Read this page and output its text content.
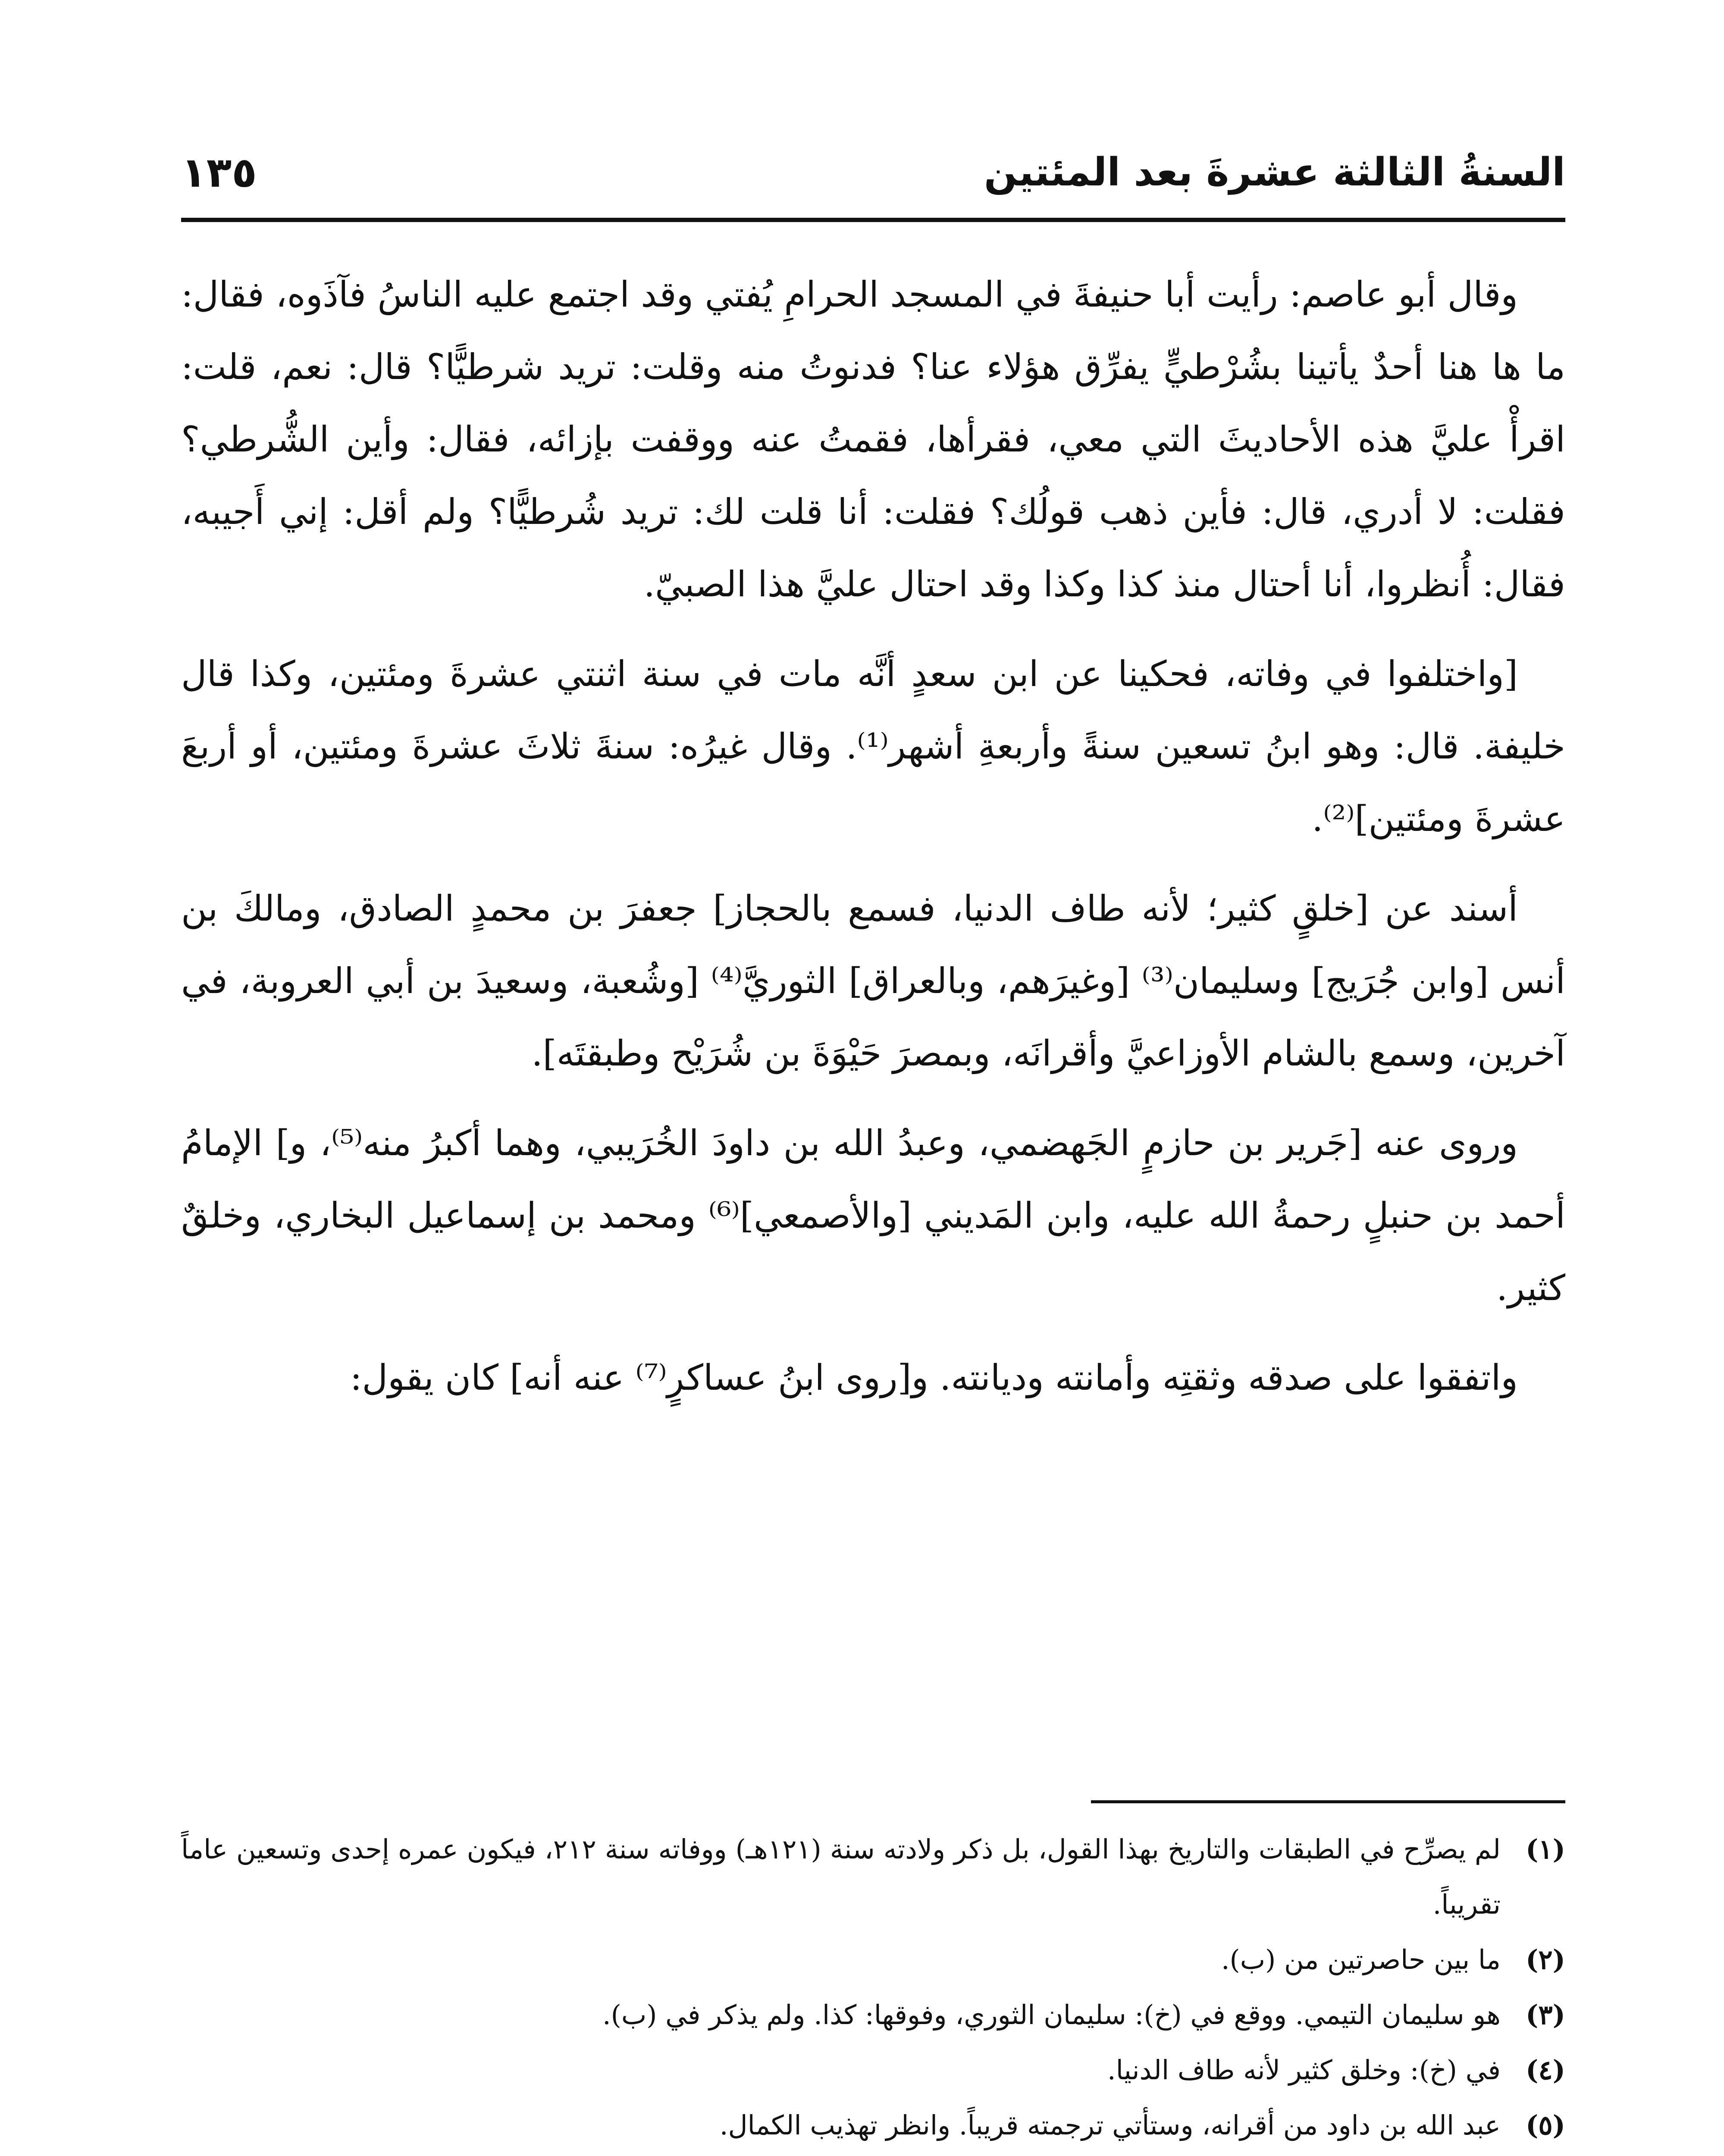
السنةُ الثالثة عشرةَ بعد المئتين
١٣٥

وقال أبو عاصم: رأيت أبا حنيفةَ في المسجد الحرامِ يُفتي وقد اجتمع عليه الناسُ فآذَوه، فقال: ما ها هنا أحدٌ يأتينا بشُرْطيٍّ يفرِّق هؤلاء عنا؟ فدنوتُ منه وقلت: تريد شرطيًّا؟ قال: نعم، قلت: اقرأْ عليَّ هذه الأحاديثَ التي معي، فقرأها، فقمتُ عنه ووقفت بإزائه، فقال: وأين الشُّرطي؟فقلت: لا أدري، قال: فأين ذهب قولُك؟ فقلت: أنا قلت لك: تريد شُرطيًّا؟ ولم أقل: إني أَجيبه، فقال: أُنظروا، أنا أحتال منذ كذا وكذا وقد احتال عليَّ هذا الصبيّ.

[واختلفوا في وفاته، فحكينا عن ابن سعدٍ أنَّه مات في سنة اثنتي عشرةَ ومئتين، وكذا قال خليفة. قال: وهو ابنُ تسعين سنةً وأربعةِ أشهر⁽¹⁾. وقال غيرُه: سنةَ ثلاثَ عشرةَ ومئتين، أو أربعَ عشرةَ ومئتين]⁽²⁾.

أسند عن [خلقٍ كثير؛ لأنه طاف الدنيا، فسمع بالحجاز] جعفرَ بن محمدٍ الصادق، ومالكَ بن أنس [وابن جُرَيج] وسليمان⁽³⁾ [وغيرَهم، وبالعراق] الثوريَّ⁽⁴⁾ [وشُعبة، وسعيدَ بن أبي العروبة، في آخرين، وسمع بالشام الأوزاعيَّ وأقرانَه، وبمصرَ حَيْوَةَ بن شُرَيْح وطبقتَه].

وروى عنه [جَرير بن حازمٍ الجَهضمي، وعبدُ الله بن داودَ الخُرَيبي، وهما أكبرُ منه⁽⁵⁾، و] الإمامُ أحمد بن حنبلٍ رحمةُ الله عليه، وابن المَديني [والأصمعي]⁽⁶⁾ ومحمد بن إسماعيل البخاري، وخلقٌ كثير.

واتفقوا على صدقه وثقتِه وأمانته وديانته. و[روى ابنُ عساكرٍ⁽⁷⁾ عنه أنه] كان يقول:

(١)
لم يصرِّح في الطبقات والتاريخ بهذا القول، بل ذكر ولادته سنة (١٢١هـ) ووفاته سنة ٢١٢، فيكون عمره إحدى وتسعين عاماً تقريباً.

(٢)
ما بين حاصرتين من (ب).

(٣)
هو سليمان التيمي. ووقع في (خ): سليمان الثوري، وفوقها: كذا. ولم يذكر في (ب).

(٤)
في (خ): وخلق كثير لأنه طاف الدنيا.

(٥)
عبد الله بن داود من أقرانه، وستأتي ترجمته قريباً. وانظر تهذيب الكمال.
